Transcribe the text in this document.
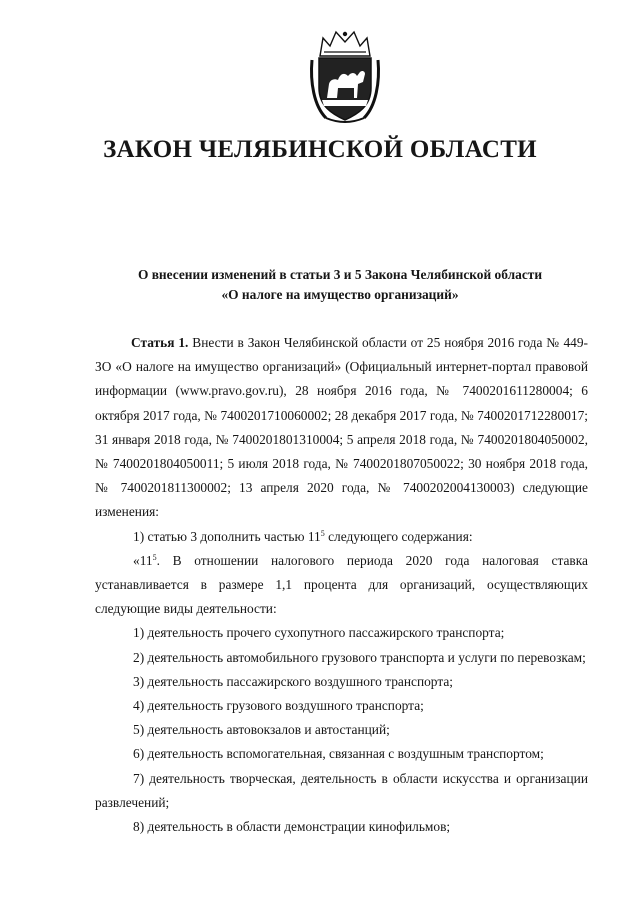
ЗАКОН ЧЕЛЯБИНСКОЙ ОБЛАСТИ
О внесении изменений в статьи 3 и 5 Закона Челябинской области
«О налоге на имущество организаций»

Статья 1. Внести в Закон Челябинской области от 25 ноября 2016 года № 449-ЗО «О налоге на имущество организаций» (Официальный интернет-портал правовой информации (www.pravo.gov.ru), 28 ноября 2016 года, № 7400201611280004; 6 октября 2017 года, № 7400201710060002; 28 декабря 2017 года, № 7400201712280017; 31 января 2018 года, № 7400201801310004; 5 апреля 2018 года, № 7400201804050002, № 7400201804050011; 5 июля 2018 года, № 7400201807050022; 30 ноября 2018 года, № 7400201811300002; 13 апреля 2020 года, № 7400202004130003) следующие изменения:

1) статью 3 дополнить частью $11^5$ следующего содержания:

«$11^5$. В отношении налогового периода 2020 года налоговая ставка устанавливается в размере 1,1 процента для организаций, осуществляющих следующие виды деятельности:

1) деятельность прочего сухопутного пассажирского транспорта;

2) деятельность автомобильного грузового транспорта и услуги по перевозкам;

3) деятельность пассажирского воздушного транспорта;

4) деятельность грузового воздушного транспорта;

5) деятельность автовокзалов и автостанций;

6) деятельность вспомогательная, связанная с воздушным транспортом;

7) деятельность творческая, деятельность в области искусства и организации развлечений;

8) деятельность в области демонстрации кинофильмов;
